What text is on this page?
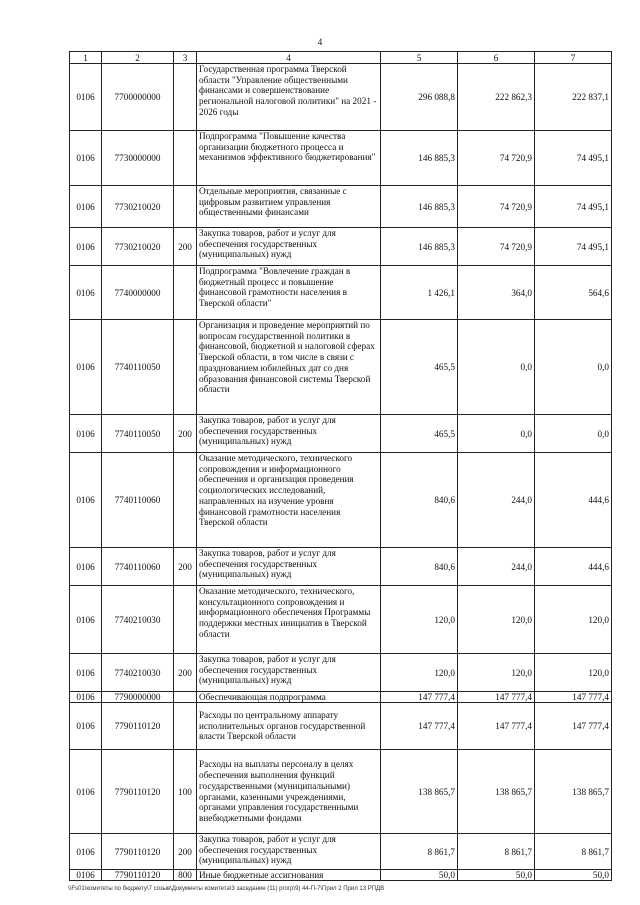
4
1	2	3	4	5	6	7
0106	7700000000		Государственная программа Тверской области "Управление общественными финансами и совершенствование региональной налоговой политики" на 2021 - 2026 годы	296 088,8	222 862,3	222 837,1
0106	7730000000		Подпрограмма "Повышение качества организации бюджетного процесса и механизмов эффективного бюджетирования"	146 885,3	74 720,9	74 495,1
0106	7730210020		Отдельные мероприятия, связанные с цифровым развитием управления общественными финансами	146 885,3	74 720,9	74 495,1
0106	7730210020	200	Закупка товаров, работ и услуг для обеспечения государственных (муниципальных) нужд	146 885,3	74 720,9	74 495,1
0106	7740000000		Подпрограмма "Вовлечение граждан в бюджетный процесс и повышение финансовой грамотности населения в Тверской области"	1 426,1	364,0	564,6
0106	7740110050		Организация и проведение мероприятий по вопросам государственной политики в финансовой, бюджетной и налоговой сферах Тверской области, в том числе в связи с празднованием юбилейных дат со дня образования финансовой системы Тверской области	465,5	0,0	0,0
0106	7740110050	200	Закупка товаров, работ и услуг для обеспечения государственных (муниципальных) нужд	465,5	0,0	0,0
0106	7740110060		Оказание методического, технического сопровождения и информационного обеспечения и организация проведения социологических исследований, направленных на изучение уровня финансовой грамотности населения Тверской области	840,6	244,0	444,6
0106	7740110060	200	Закупка товаров, работ и услуг для обеспечения государственных (муниципальных) нужд	840,6	244,0	444,6
0106	7740210030		Оказание методического, технического, консультационного сопровождения и информационного обеспечения Программы поддержки местных инициатив в Тверской области	120,0	120,0	120,0
0106	7740210030	200	Закупка товаров, работ и услуг для обеспечения государственных (муниципальных) нужд	120,0	120,0	120,0
0106	7790000000		Обеспечивающая подпрограмма	147 777,4	147 777,4	147 777,4
0106	7790110120		Расходы по центральному аппарату исполнительных органов государственной власти Тверской области	147 777,4	147 777,4	147 777,4
0106	7790110120	100	Расходы на выплаты персоналу в целях обеспечения выполнения функций государственными (муниципальными) органами, казенными учреждениями, органами управления государственными внебюджетными фондами	138 865,7	138 865,7	138 865,7
0106	7790110120	200	Закупка товаров, работ и услуг для обеспечения государственных (муниципальных) нужд	8 861,7	8 861,7	8 861,7
0106	7790110120	800	Иные бюджетные ассигнования	50,0	50,0	50,0
\\Fs01\комитеты по бюджету\7 созыв\Документы комитета\3 заседание (11) ргогр\9) 44-П-7\Прил 2 Прил 13 РПДВ
